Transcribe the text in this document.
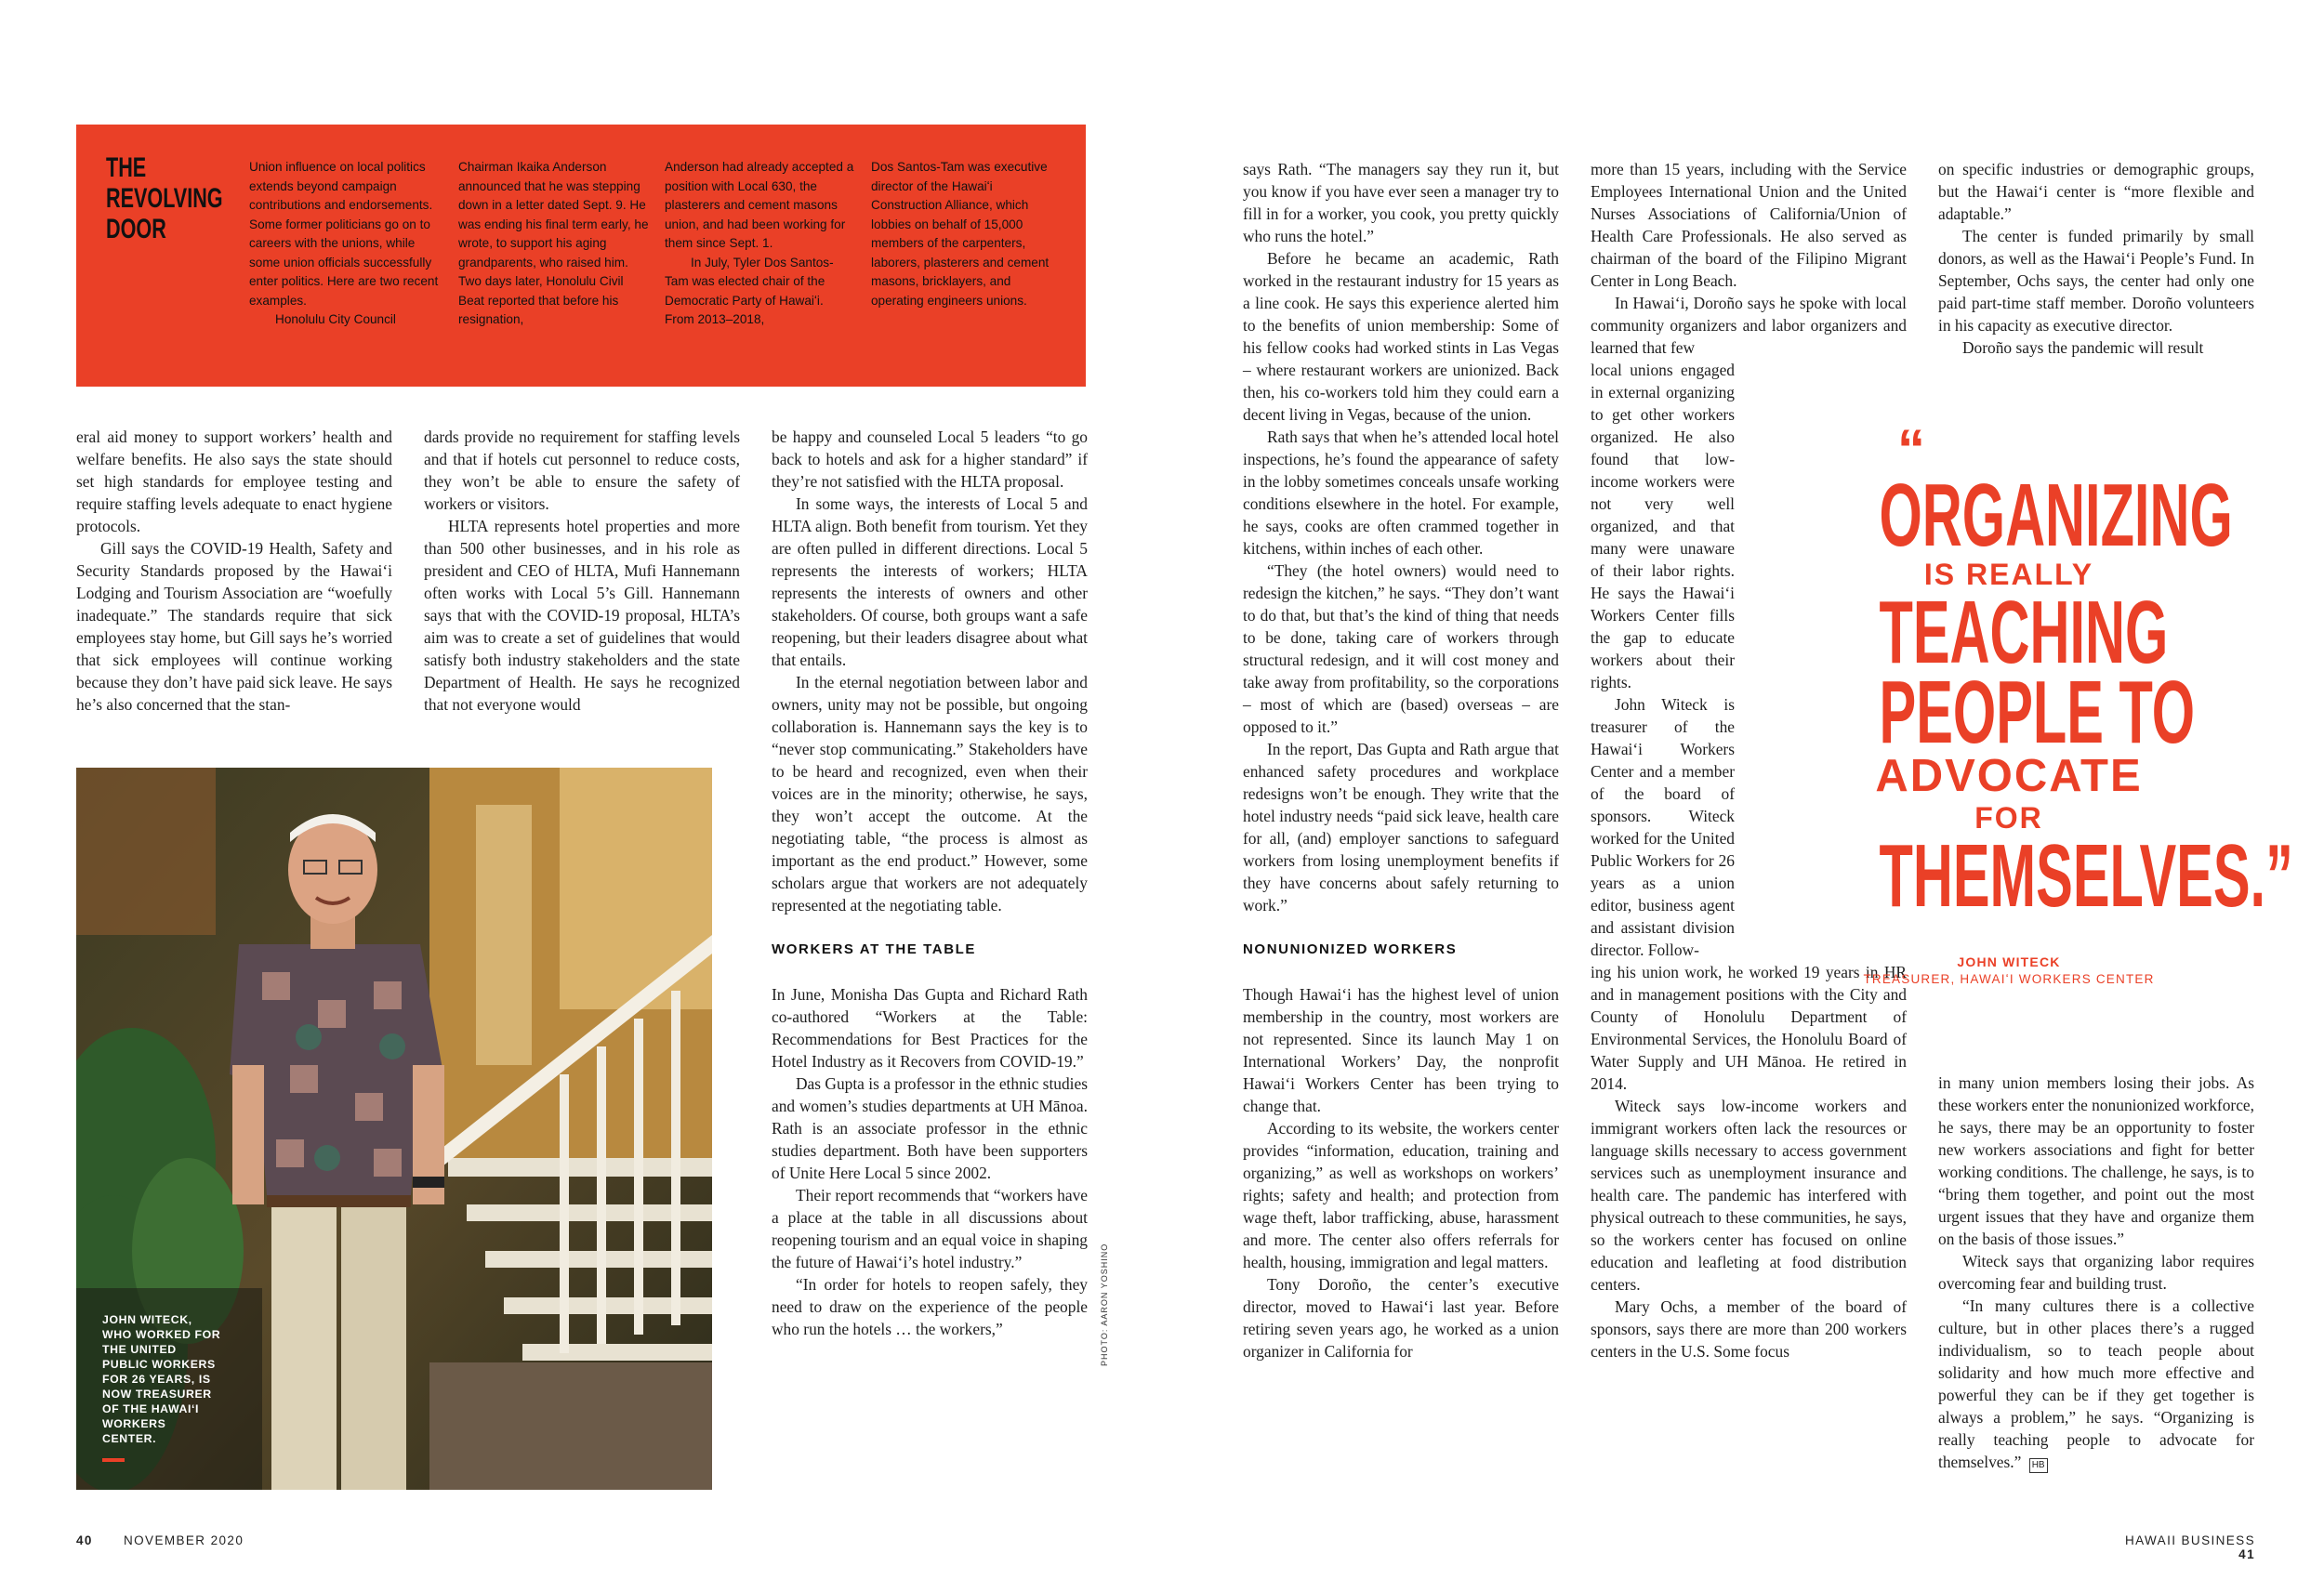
THE
REVOLVING
DOOR

Union influence on local politics extends beyond campaign contributions and endorsements. Some former politicians go on to careers with the unions, while some union officials successfully enter politics. Here are two recent examples.

Honolulu City Council

Chairman Ikaika Anderson announced that he was stepping down in a letter dated Sept. 9. He was ending his final term early, he wrote, to support his aging grandparents, who raised him. Two days later, Honolulu Civil Beat reported that before his resignation,

Anderson had already accepted a position with Local 630, the plasterers and cement masons union, and had been working for them since Sept. 1.

In July, Tyler Dos Santos-Tam was elected chair of the Democratic Party of Hawaiʻi. From 2013–2018,

Dos Santos-Tam was executive director of the Hawaiʻi Construction Alliance, which lobbies on behalf of 15,000 members of the carpenters, laborers, plasterers and cement masons, bricklayers, and operating engineers unions.

eral aid money to support workers’ health and welfare benefits. He also says the state should set high standards for employee testing and require staffing levels adequate to enact hygiene protocols.

Gill says the COVID-19 Health, Safety and Security Standards proposed by the Hawaiʻi Lodging and Tourism Association are “woefully inadequate.” The standards require that sick employees stay home, but Gill says he’s worried that sick employees will continue working because they don’t have paid sick leave. He says he’s also concerned that the stan-

dards provide no requirement for staffing levels and that if hotels cut personnel to reduce costs, they won’t be able to ensure the safety of workers or visitors.

HLTA represents hotel properties and more than 500 other businesses, and in his role as president and CEO of HLTA, Mufi Hannemann often works with Local 5’s Gill. Hannemann says that with the COVID-19 proposal, HLTA’s aim was to create a set of guidelines that would satisfy both industry stakeholders and the state Department of Health. He says he recognized that not everyone would

be happy and counseled Local 5 leaders “to go back to hotels and ask for a higher standard” if they’re not satisfied with the HLTA proposal.

In some ways, the interests of Local 5 and HLTA align. Both benefit from tourism. Yet they are often pulled in different directions. Local 5 represents the interests of workers; HLTA represents the interests of owners and other stakeholders. Of course, both groups want a safe reopening, but their leaders disagree about what that entails.

In the eternal negotiation between labor and owners, unity may not be possible, but ongoing collaboration is. Hannemann says the key is to “never stop communicating.” Stakeholders have to be heard and recognized, even when their voices are in the minority; otherwise, he says, they won’t accept the outcome. At the negotiating table, “the process is almost as important as the end product.” However, some scholars argue that workers are not adequately represented at the negotiating table.

WORKERS AT THE TABLE

In June, Monisha Das Gupta and Richard Rath co-authored “Workers at the Table: Recommendations for Best Practices for the Hotel Industry as it Recovers from COVID-19.”

Das Gupta is a professor in the ethnic studies and women’s studies departments at UH Mānoa. Rath is an associate professor in the ethnic studies department. Both have been supporters of Unite Here Local 5 since 2002.

Their report recommends that “workers have a place at the table in all discussions about reopening tourism and an equal voice in shaping the future of Hawaiʻi’s hotel industry.”

“In order for hotels to reopen safely, they need to draw on the experience of the people who run the hotels … the workers,”

JOHN WITECK, WHO WORKED FOR THE UNITED PUBLIC WORKERS FOR 26 YEARS, IS NOW TREASURER OF THE HAWAIʻI WORKERS CENTER.
PHOTO: AARON YOSHINO

says Rath. “The managers say they run it, but you know if you have ever seen a manager try to fill in for a worker, you cook, you pretty quickly who runs the hotel.”

Before he became an academic, Rath worked in the restaurant industry for 15 years as a line cook. He says this experience alerted him to the benefits of union membership: Some of his fellow cooks had worked stints in Las Vegas – where restaurant workers are unionized. Back then, his co-workers told him they could earn a decent living in Vegas, because of the union.

Rath says that when he’s attended local hotel inspections, he’s found the appearance of safety in the lobby sometimes conceals unsafe working conditions elsewhere in the hotel. For example, he says, cooks are often crammed together in kitchens, within inches of each other.

“They (the hotel owners) would need to redesign the kitchen,” he says. “They don’t want to do that, but that’s the kind of thing that needs to be done, taking care of workers through structural redesign, and it will cost money and take away from profitability, so the corporations – most of which are (based) overseas – are opposed to it.”

In the report, Das Gupta and Rath argue that enhanced safety procedures and workplace redesigns won’t be enough. They write that the hotel industry needs “paid sick leave, health care for all, (and) employer sanctions to safeguard workers from losing unemployment benefits if they have concerns about safely returning to work.”

NONUNIONIZED WORKERS

Though Hawaiʻi has the highest level of union membership in the country, most workers are not represented. Since its launch May 1 on International Workers’ Day, the nonprofit Hawaiʻi Workers Center has been trying to change that.

According to its website, the workers center provides “information, education, training and organizing,” as well as workshops on workers’ rights; safety and health; and protection from wage theft, labor trafficking, abuse, harassment and more. The center also offers referrals for health, housing, immigration and legal matters.

Tony Doroño, the center’s executive director, moved to Hawaiʻi last year. Before retiring seven years ago, he worked as a union organizer in California for

more than 15 years, including with the Service Employees International Union and the United Nurses Associations of California/Union of Health Care Professionals. He also served as chairman of the board of the Filipino Migrant Center in Long Beach.

In Hawaiʻi, Doroño says he spoke with local community organizers and labor organizers and learned that few

local unions engaged in external organizing to get other workers organized. He also found that low-income workers were not very well organized, and that many were unaware of their labor rights. He says the Hawaiʻi Workers Center fills the gap to educate workers about their rights.

John Witeck is treasurer of the Hawaiʻi Workers Center and a member of the board of sponsors. Witeck worked for the United Public Workers for 26 years as a union editor, business agent and assistant division director. Follow-

ing his union work, he worked 19 years in HR and in management positions with the City and County of Honolulu Department of Environmental Services, the Honolulu Board of Water Supply and UH Mānoa. He retired in 2014.

Witeck says low-income workers and immigrant workers often lack the resources or language skills necessary to access government services such as unemployment insurance and health care. The pandemic has interfered with physical outreach to these communities, he says, so the workers center has focused on online education and leafleting at food distribution centers.

Mary Ochs, a member of the board of sponsors, says there are more than 200 workers centers in the U.S. Some focus

on specific industries or demographic groups, but the Hawaiʻi center is “more flexible and adaptable.”

The center is funded primarily by small donors, as well as the Hawaiʻi People’s Fund. In September, Ochs says, the center had only one paid part-time staff member. Doroño volunteers in his capacity as executive director.

Doroño says the pandemic will result

in many union members losing their jobs. As these workers enter the nonunionized workforce, he says, there may be an opportunity to foster new workers associations and fight for better working conditions. The challenge, he says, is to “bring them together, and point out the most urgent issues that they have and organize them on the basis of those issues.”

Witeck says that organizing labor requires overcoming fear and building trust.

“In many cultures there is a collective culture, but in other places there’s a rugged individualism, so to teach people about solidarity and how much more effective and powerful they can be if they get together is always a problem,” he says. “Organizing is really teaching people to advocate for themselves.” HB

“
ORGANIZING
IS REALLY
TEACHING
PEOPLE TO
ADVOCATE
FOR
THEMSELVES.”
JOHN WITECK
TREASURER, HAWAIʻI WORKERS CENTER
40 NOVEMBER 2020	HAWAII BUSINESS 41
